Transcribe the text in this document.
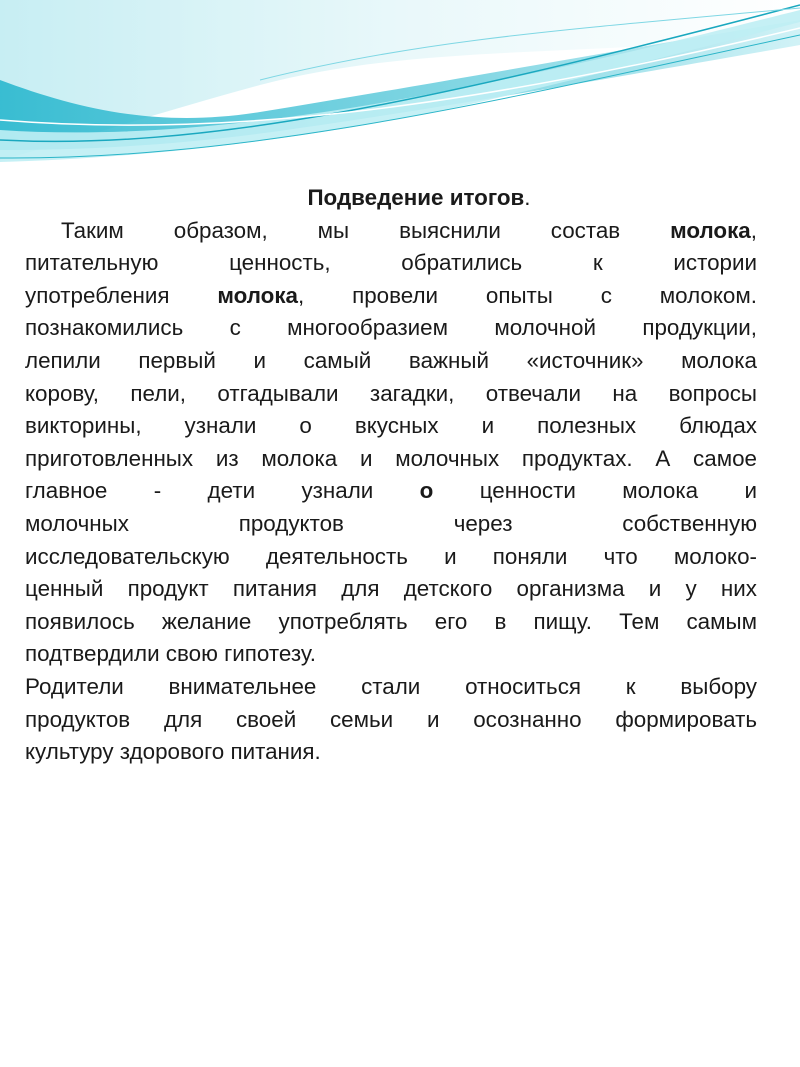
Подведение итогов.
Таким образом, мы выяснили состав молока,
питательную ценность, обратились к истории
употребления молока, провели опыты с молоком.
познакомились с многообразием молочной продукции,
лепили первый и самый важный «источник» молока
корову, пели, отгадывали загадки, отвечали на вопросы
викторины, узнали о вкусных и полезных блюдах
приготовленных из молока и молочных продуктах. А самое
главное - дети узнали о ценности молока и
молочных продуктов через собственную
исследовательскую деятельность и поняли что молоко-
ценный продукт питания для детского организма и у них
появилось желание употреблять его в пищу. Тем самым
подтвердили свою гипотезу.
Родители внимательнее стали относиться к выбору
продуктов для своей семьи и осознанно формировать
культуру здорового питания.
